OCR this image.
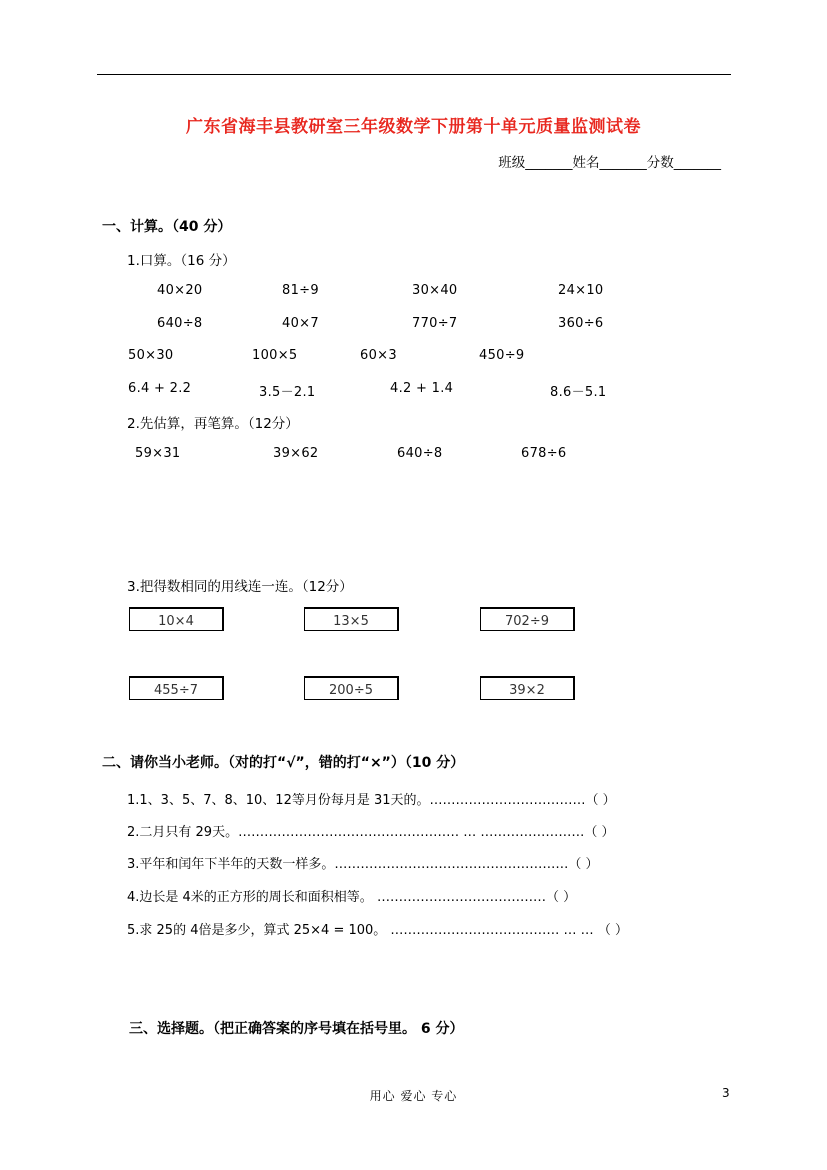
广东省海丰县教研室三年级数学下册第十单元质量监测试卷
班级_______姓名_______分数_______
一、计算。（40 分）
1.口算。（16 分）
40×20	81÷9	30×40	24×10
640÷8	40×7	770÷7	360÷6
50×30	100×5	60×3	450÷9
6.4 + 2.2	3.5－2.1	4.2 + 1.4	8.6－5.1
2.先估算，再笔算。（12分）
59×31	39×62	640÷8	678÷6
3.把得数相同的用线连一连。（12分）
10×4	13×5	702÷9
455÷7	200÷5	39×2
二、请你当小老师。（对的打“√”，错的打“×”）（10 分）
1.1、3、5、7、8、10、12等月份每月是 31天的。………………………………（ ）
2.二月只有 29天。…………………………………………… … ……………………（ ）
3.平年和闰年下半年的天数一样多。………………………………………………（ ）
4.边长是 4米的正方形的周长和面积相等。 …………………………………（ ）
5.求 25的 4倍是多少，算式 25×4 = 100。 ………………………………… … … （ ）
三、选择题。（把正确答案的序号填在括号里。 6 分）
用心 爱心 专心	3
